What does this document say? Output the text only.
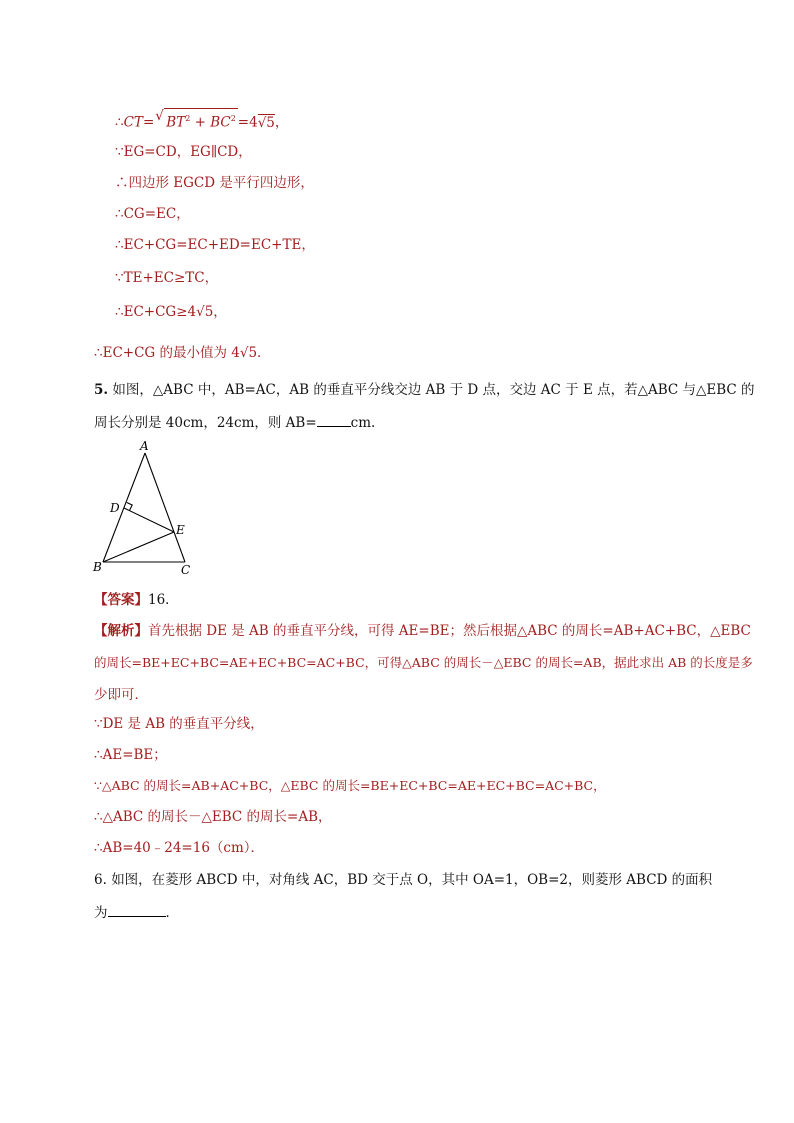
∴CT= √ $BT^2 + BC^2 =4√5$，
∵EG=CD，EG∥CD，
∴四边形 EGCD 是平行四边形，
∴CG=EC，
∴EC+CG=EC+ED=EC+TE，
∵TE+EC≥TC，
∴EC+CG≥4√5，
∴EC+CG 的最小值为 4√5．
5. 如图，△ABC 中，AB=AC，AB 的垂直平分线交边 AB 于 D 点，交边 AC 于 E 点，若△ABC 与△EBC 的
周长分别是 40cm，24cm，则 AB=	cm.
A
D
E
B	C
【答案】16．
【解析】首先根据 DE 是 AB 的垂直平分线，可得 AE=BE；然后根据△ABC 的周长=AB+AC+BC，△EBC
的周长=BE+EC+BC=AE+EC+BC=AC+BC，可得△ABC 的周长－△EBC 的周长=AB，据此求出 AB 的长度是多
少即可．
∵DE 是 AB 的垂直平分线，
∴AE=BE；
∵△ABC 的周长=AB+AC+BC，△EBC 的周长=BE+EC+BC=AE+EC+BC=AC+BC，
∴△ABC 的周长－△EBC 的周长=AB，
∴AB=40﹣24=16（cm）．
6. 如图，在菱形 ABCD 中，对角线 AC，BD 交于点 O，其中 OA=1，OB=2，则菱形 ABCD 的面积
为	．
